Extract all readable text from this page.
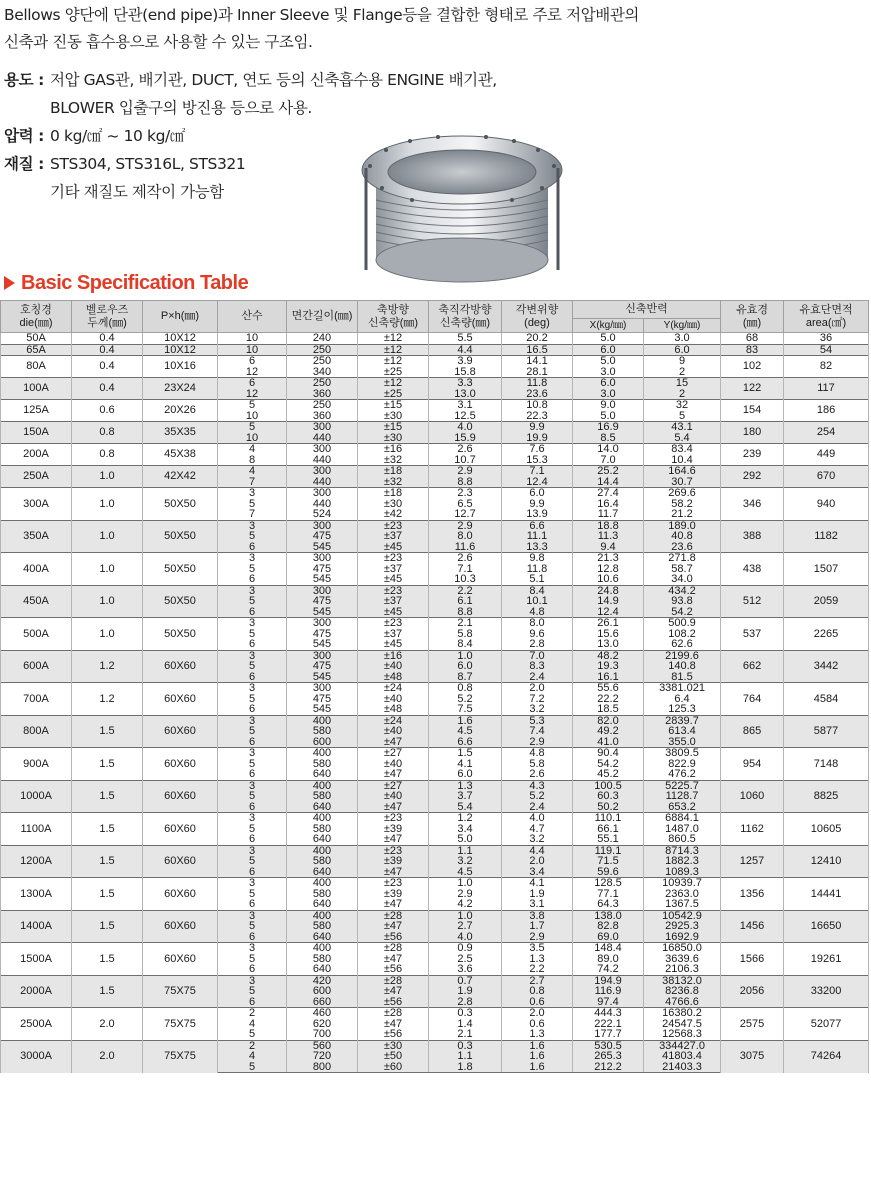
Bellows 양단에 단관(end pipe)과 Inner Sleeve 및 Flange등을 결합한 형태로 주로 저압배관의
신축과 진동 흡수용으로 사용할 수 있는 구조임.
용도 : 저압 GAS관, 배기관, DUCT, 연도 등의 신축흡수용 ENGINE 배기관,
BLOWER 입출구의 방진용 등으로 사용.
압력 : 0 kg/㎠ ~ 10 kg/㎠
재질 : STS304, STS316L, STS321
기타 재질도 제작이 가능함
Basic Specification Table
호칭경
die(㎜)	벨로우즈
두께(㎜)	P×h(㎜)	산수	면간길이(㎜)	축방향
신축량(㎜)	축직각방향
신축량(㎜)	각변위향
(deg)	신축반력		유효경
(㎜)	유효단면적
area(㎠)
								X(kg/㎜)	Y(kg/㎜)		
50A	0.4	10X12	10	240	±12	5.5	20.2	5.0	3.0	68	36
65A	0.4	10X12	10	250	±12	4.4	16.5	6.0	6.0	83	54
80A	0.4	10X16	6	250	±12	3.9	14.1	5.0	9	102	82
			12	340	±25	15.8	28.1	3.0	2		
100A	0.4	23X24	6	250	±12	3.3	11.8	6.0	15	122	117
			12	360	±25	13.0	23.6	3.0	2		
125A	0.6	20X26	5	250	±15	3.1	10.8	9.0	32	154	186
			10	360	±30	12.5	22.3	5.0	5		
150A	0.8	35X35	5	300	±15	4.0	9.9	16.9	43.1	180	254
			10	440	±30	15.9	19.9	8.5	5.4		
200A	0.8	45X38	4	300	±16	2.6	7.6	14.0	83.4	239	449
			8	440	±32	10.7	15.3	7.0	10.4		
250A	1.0	42X42	4	300	±18	2.9	7.1	25.2	164.6	292	670
			7	440	±32	8.8	12.4	14.4	30.7		
300A	1.0	50X50	3	300	±18	2.3	6.0	27.4	269.6	346	940
			5	440	±30	6.5	9.9	16.4	58.2		
			7	524	±42	12.7	13.9	11.7	21.2		
350A	1.0	50X50	3	300	±23	2.9	6.6	18.8	189.0	388	1182
			5	475	±37	8.0	11.1	11.3	40.8		
			6	545	±45	11.6	13.3	9.4	23.6		
400A	1.0	50X50	3	300	±23	2.6	9.8	21.3	271.8	438	1507
			5	475	±37	7.1	11.8	12.8	58.7		
			6	545	±45	10.3	5.1	10.6	34.0		
450A	1.0	50X50	3	300	±23	2.2	8.4	24.8	434.2	512	2059
			5	475	±37	6.1	10.1	14.9	93.8		
			6	545	±45	8.8	4.8	12.4	54.2		
500A	1.0	50X50	3	300	±23	2.1	8.0	26.1	500.9	537	2265
			5	475	±37	5.8	9.6	15.6	108.2		
			6	545	±45	8.4	2.8	13.0	62.6		
600A	1.2	60X60	3	300	±16	1.0	7.0	48.2	2199.6	662	3442
			5	475	±40	6.0	8.3	19.3	140.8		
			6	545	±48	8.7	2.4	16.1	81.5		
700A	1.2	60X60	3	300	±24	0.8	2.0	55.6	3381.021	764	4584
			5	475	±40	5.2	7.2	22.2	6.4		
			6	545	±48	7.5	3.2	18.5	125.3		
800A	1.5	60X60	3	400	±24	1.6	5.3	82.0	2839.7	865	5877
			5	580	±40	4.5	7.4	49.2	613.4		
			6	600	±47	6.6	2.9	41.0	355.0		
900A	1.5	60X60	3	400	±27	1.5	4.8	90.4	3809.5	954	7148
			5	580	±40	4.1	5.8	54.2	822.9		
			6	640	±47	6.0	2.6	45.2	476.2		
1000A	1.5	60X60	3	400	±27	1.3	4.3	100.5	5225.7	1060	8825
			5	580	±40	3.7	5.2	60.3	1128.7		
			6	640	±47	5.4	2.4	50.2	653.2		
1100A	1.5	60X60	3	400	±23	1.2	4.0	110.1	6884.1	1162	10605
			5	580	±39	3.4	4.7	66.1	1487.0		
			6	640	±47	5.0	3.2	55.1	860.5		
1200A	1.5	60X60	3	400	±23	1.1	4.4	119.1	8714.3	1257	12410
			5	580	±39	3.2	2.0	71.5	1882.3		
			6	640	±47	4.5	3.4	59.6	1089.3		
1300A	1.5	60X60	3	400	±23	1.0	4.1	128.5	10939.7	1356	14441
			5	580	±39	2.9	1.9	77.1	2363.0		
			6	640	±47	4.2	3.1	64.3	1367.5		
1400A	1.5	60X60	3	400	±28	1.0	3.8	138.0	10542.9	1456	16650
			5	580	±47	2.7	1.7	82.8	2925.3		
			6	640	±56	4.0	2.9	69.0	1692.9		
1500A	1.5	60X60	3	400	±28	0.9	3.5	148.4	16850.0	1566	19261
			5	580	±47	2.5	1.3	89.0	3639.6		
			6	640	±56	3.6	2.2	74.2	2106.3		
2000A	1.5	75X75	3	420	±28	0.7	2.7	194.9	38132.0	2056	33200
			5	600	±47	1.9	0.8	116.9	8236.8		
			6	660	±56	2.8	0.6	97.4	4766.6		
2500A	2.0	75X75	2	460	±28	0.3	2.0	444.3	16380.2	2575	52077
			4	620	±47	1.4	0.6	222.1	24547.5		
			5	700	±56	2.1	1.3	177.7	12568.3		
3000A	2.0	75X75	2	560	±30	0.3	1.6	530.5	334427.0	3075	74264
			4	720	±50	1.1	1.6	265.3	41803.4		
			5	800	±60	1.8	1.6	212.2	21403.3		
